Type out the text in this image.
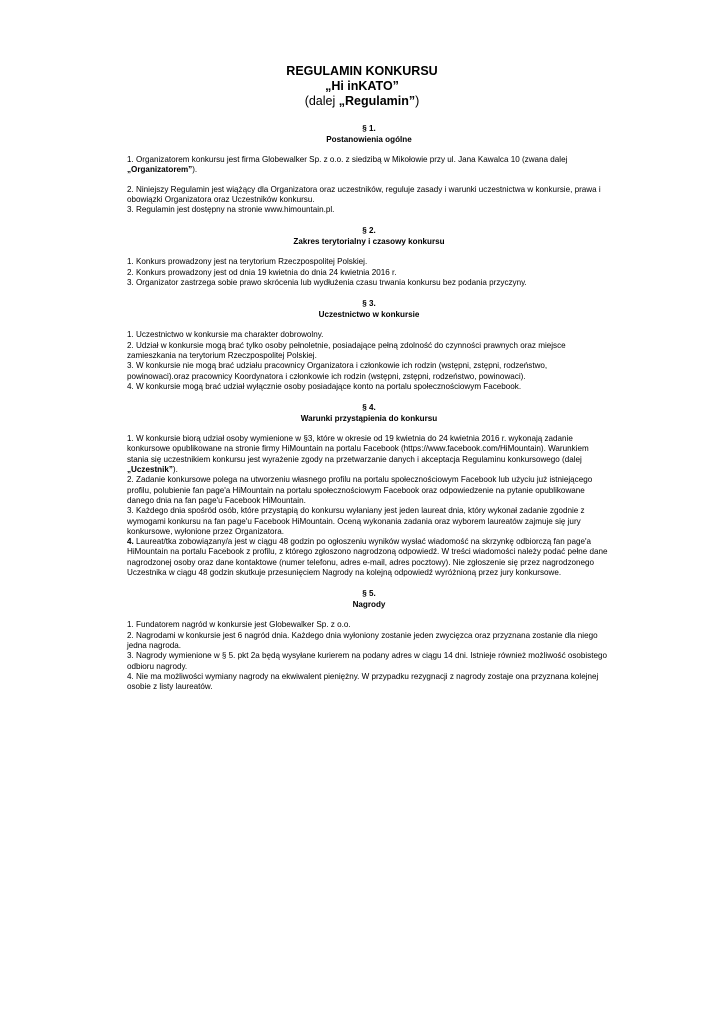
REGULAMIN KONKURSU
„Hi inKATO”
(dalej „Regulamin”)
§ 1.
Postanowienia ogólne

1. Organizatorem konkursu jest firma Globewalker Sp. z o.o. z siedzibą w Mikołowie przy ul. Jana Kawalca 10 (zwana dalej „Organizatorem”).

2. Niniejszy Regulamin jest wiążący dla Organizatora oraz uczestników, reguluje zasady i warunki uczestnictwa w konkursie, prawa i obowiązki Organizatora oraz Uczestników konkursu.

3. Regulamin jest dostępny na stronie www.himountain.pl.

§ 2.
Zakres terytorialny i czasowy konkursu

1. Konkurs prowadzony jest na terytorium Rzeczpospolitej Polskiej.

2. Konkurs prowadzony jest od dnia 19 kwietnia do dnia 24 kwietnia 2016 r.

3. Organizator zastrzega sobie prawo skrócenia lub wydłużenia czasu trwania konkursu bez podania przyczyny.

§ 3.
Uczestnictwo w konkursie

1. Uczestnictwo w konkursie ma charakter dobrowolny.

2. Udział w konkursie mogą brać tylko osoby pełnoletnie, posiadające pełną zdolność do czynności prawnych oraz miejsce zamieszkania na terytorium Rzeczpospolitej Polskiej.

3. W konkursie nie mogą brać udziału pracownicy Organizatora i członkowie ich rodzin (wstępni, zstępni, rodzeństwo, powinowaci).oraz pracownicy Koordynatora i członkowie ich rodzin (wstępni, zstępni, rodzeństwo, powinowaci).

4. W konkursie mogą brać udział wyłącznie osoby posiadające konto na portalu społecznościowym Facebook.

§ 4.
Warunki przystąpienia do konkursu

1. W konkursie biorą udział osoby wymienione w §3, które w okresie od 19 kwietnia do 24 kwietnia 2016 r. wykonają zadanie konkursowe opublikowane na stronie firmy HiMountain na portalu Facebook (https://www.facebook.com/HiMountain). Warunkiem stania się uczestnikiem konkursu jest wyrażenie zgody na przetwarzanie danych i akceptacja Regulaminu konkursowego (dalej „Uczestnik”).

2. Zadanie konkursowe polega na utworzeniu własnego profilu na portalu społecznościowym Facebook lub użyciu już istniejącego profilu, polubienie fan page'a HiMountain na portalu społecznościowym Facebook oraz odpowiedzenie na pytanie opublikowane danego dnia na fan page'u Facebook HiMountain.

3. Każdego dnia spośród osób, które przystąpią do konkursu wyłaniany jest jeden laureat dnia, który wykonał zadanie zgodnie z wymogami konkursu na fan page'u Facebook HiMountain. Oceną wykonania zadania oraz wyborem laureatów zajmuje się jury konkursowe, wyłonione przez Organizatora.

4. Laureat/tka zobowiązany/a jest w ciągu 48 godzin po ogłoszeniu wyników wysłać wiadomość na skrzynkę odbiorczą fan page'a HiMountain na portalu Facebook z profilu, z którego zgłoszono nagrodzoną odpowiedź. W treści wiadomości należy podać pełne dane nagrodzonej osoby oraz dane kontaktowe (numer telefonu, adres e-mail, adres pocztowy). Nie zgłoszenie się przez nagrodzonego Uczestnika w ciągu 48 godzin skutkuje przesunięciem Nagrody na kolejną odpowiedź wyróżnioną przez jury konkursowe.

§ 5.
Nagrody

1. Fundatorem nagród w konkursie jest Globewalker Sp. z o.o.

2. Nagrodami w konkursie jest 6 nagród dnia. Każdego dnia wyłoniony zostanie jeden zwycięzca oraz przyznana zostanie dla niego jedna nagroda.

3. Nagrody wymienione w § 5. pkt 2a będą wysyłane kurierem na podany adres w ciągu 14 dni. Istnieje również możliwość osobistego odbioru nagrody.

4. Nie ma możliwości wymiany nagrody na ekwiwalent pieniężny. W przypadku rezygnacji z nagrody zostaje ona przyznana kolejnej osobie z listy laureatów.
